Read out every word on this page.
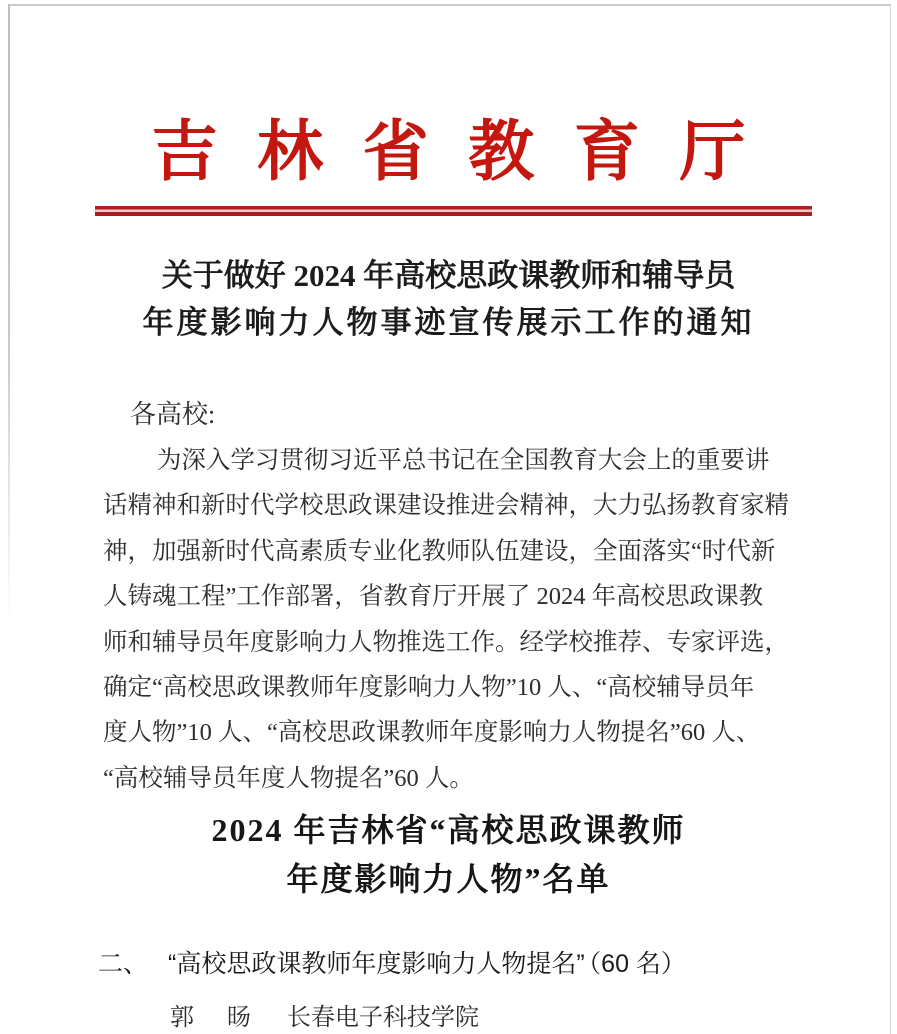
吉林省教育厅
关于做好 2024 年高校思政课教师和辅导员
年度影响力人物事迹宣传展示工作的通知
各高校:
为深入学习贯彻习近平总书记在全国教育大会上的重要讲
话精神和新时代学校思政课建设推进会精神，大力弘扬教育家精
神，加强新时代高素质专业化教师队伍建设，全面落实“时代新
人铸魂工程”工作部署，省教育厅开展了 2024 年高校思政课教
师和辅导员年度影响力人物推选工作。经学校推荐、专家评选，
确定“高校思政课教师年度影响力人物”10 人、“高校辅导员年
度人物”10 人、“高校思政课教师年度影响力人物提名”60 人、
“高校辅导员年度人物提名”60 人。
2024 年吉林省“高校思政课教师
年度影响力人物”名单
二、 “高校思政课教师年度影响力人物提名” （60 名）
郭 旸 长春电子科技学院
